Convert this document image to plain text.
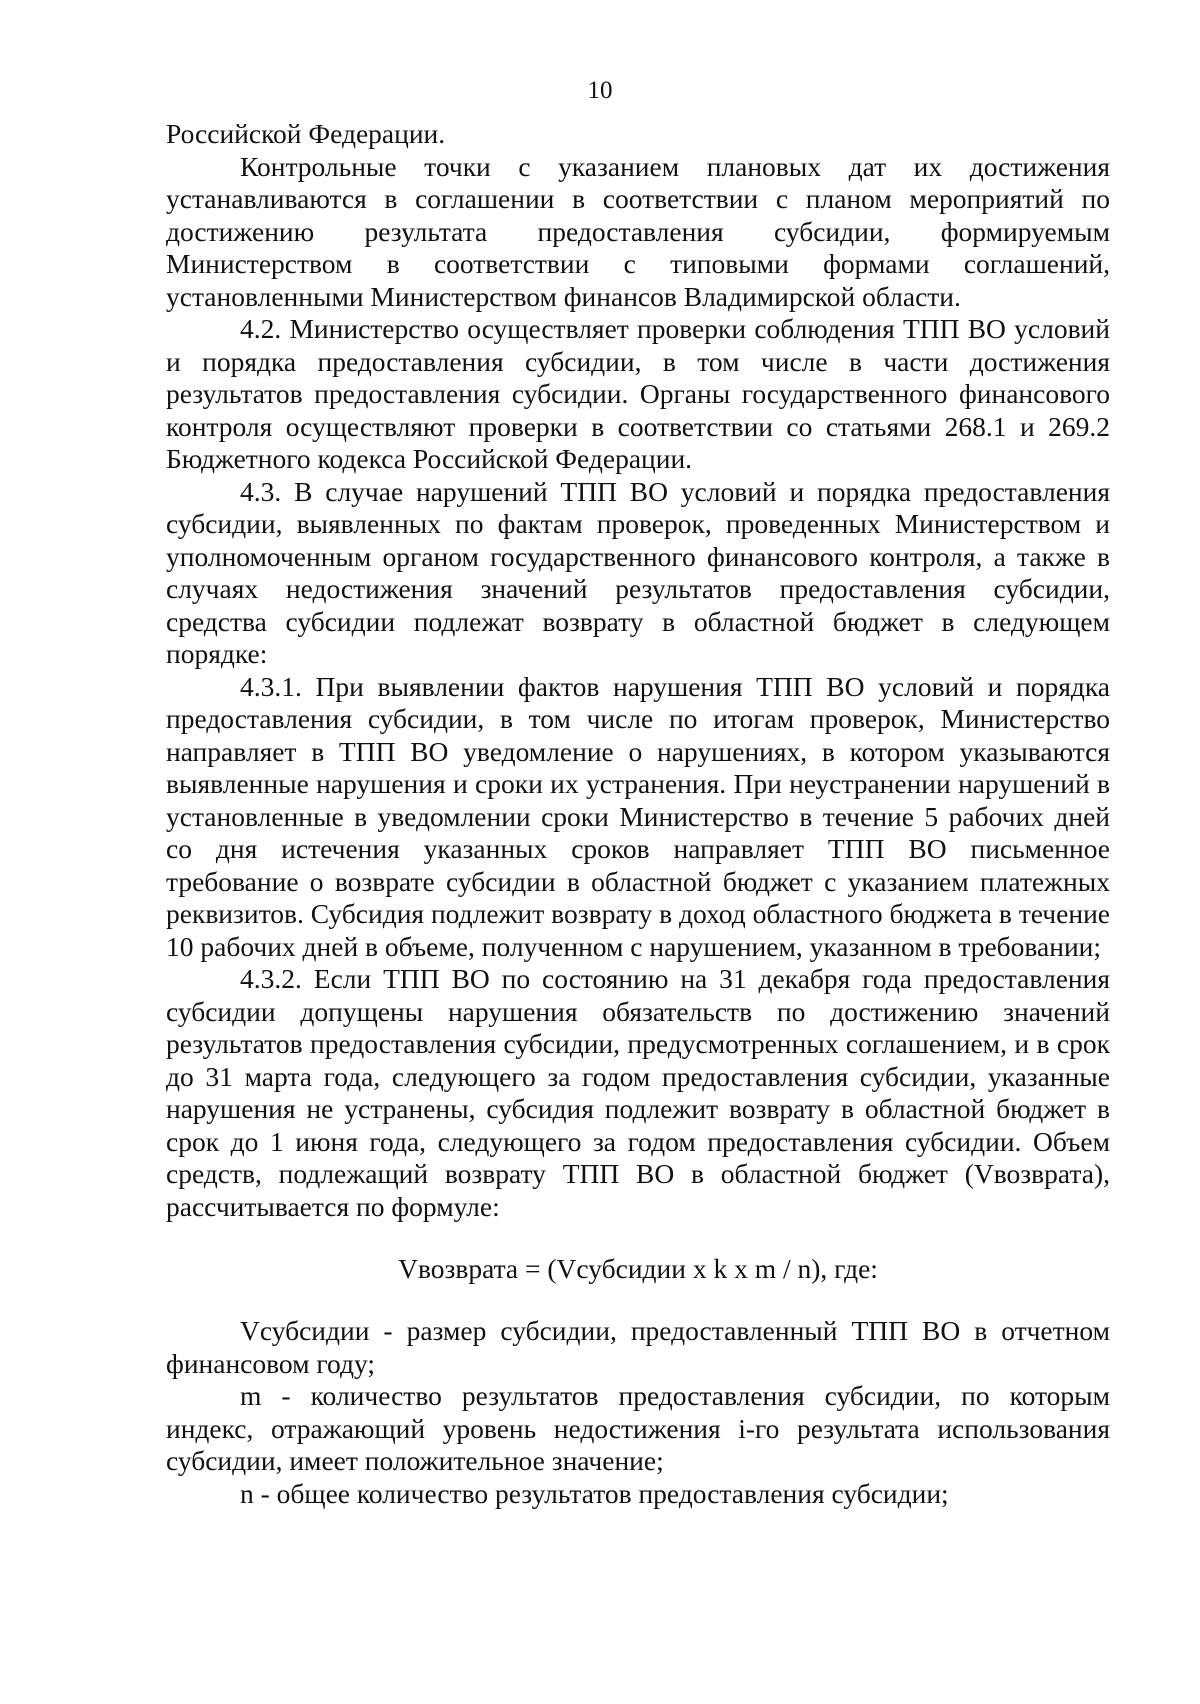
10

Российской Федерации.

Контрольные точки с указанием плановых дат их достижения устанавливаются в соглашении в соответствии с планом мероприятий по достижению результата предоставления субсидии, формируемым Министерством в соответствии с типовыми формами соглашений, установленными Министерством финансов Владимирской области.

4.2. Министерство осуществляет проверки соблюдения ТПП ВО условий и порядка предоставления субсидии, в том числе в части достижения результатов предоставления субсидии. Органы государственного финансового контроля осуществляют проверки в соответствии со статьями 268.1 и 269.2 Бюджетного кодекса Российской Федерации.

4.3. В случае нарушений ТПП ВО условий и порядка предоставления субсидии, выявленных по фактам проверок, проведенных Министерством и уполномоченным органом государственного финансового контроля, а также в случаях недостижения значений результатов предоставления субсидии, средства субсидии подлежат возврату в областной бюджет в следующем порядке:

4.3.1. При выявлении фактов нарушения ТПП ВО условий и порядка предоставления субсидии, в том числе по итогам проверок, Министерство направляет в ТПП ВО уведомление о нарушениях, в котором указываются выявленные нарушения и сроки их устранения. При неустранении нарушений в установленные в уведомлении сроки Министерство в течение 5 рабочих дней со дня истечения указанных сроков направляет ТПП ВО письменное требование о возврате субсидии в областной бюджет с указанием платежных реквизитов. Субсидия подлежит возврату в доход областного бюджета в течение 10 рабочих дней в объеме, полученном с нарушением, указанном в требовании;

4.3.2. Если ТПП ВО по состоянию на 31 декабря года предоставления субсидии допущены нарушения обязательств по достижению значений результатов предоставления субсидии, предусмотренных соглашением, и в срок до 31 марта года, следующего за годом предоставления субсидии, указанные нарушения не устранены, субсидия подлежит возврату в областной бюджет в срок до 1 июня года, следующего за годом предоставления субсидии. Объем средств, подлежащий возврату ТПП ВО в областной бюджет (Vвозврата), рассчитывается по формуле:

Vвозврата = (Vсубсидии x k x m / n), где:

Vсубсидии - размер субсидии, предоставленный ТПП ВО в отчетном финансовом году;

m - количество результатов предоставления субсидии, по которым индекс, отражающий уровень недостижения i-го результата использования субсидии, имеет положительное значение;

n - общее количество результатов предоставления субсидии;
